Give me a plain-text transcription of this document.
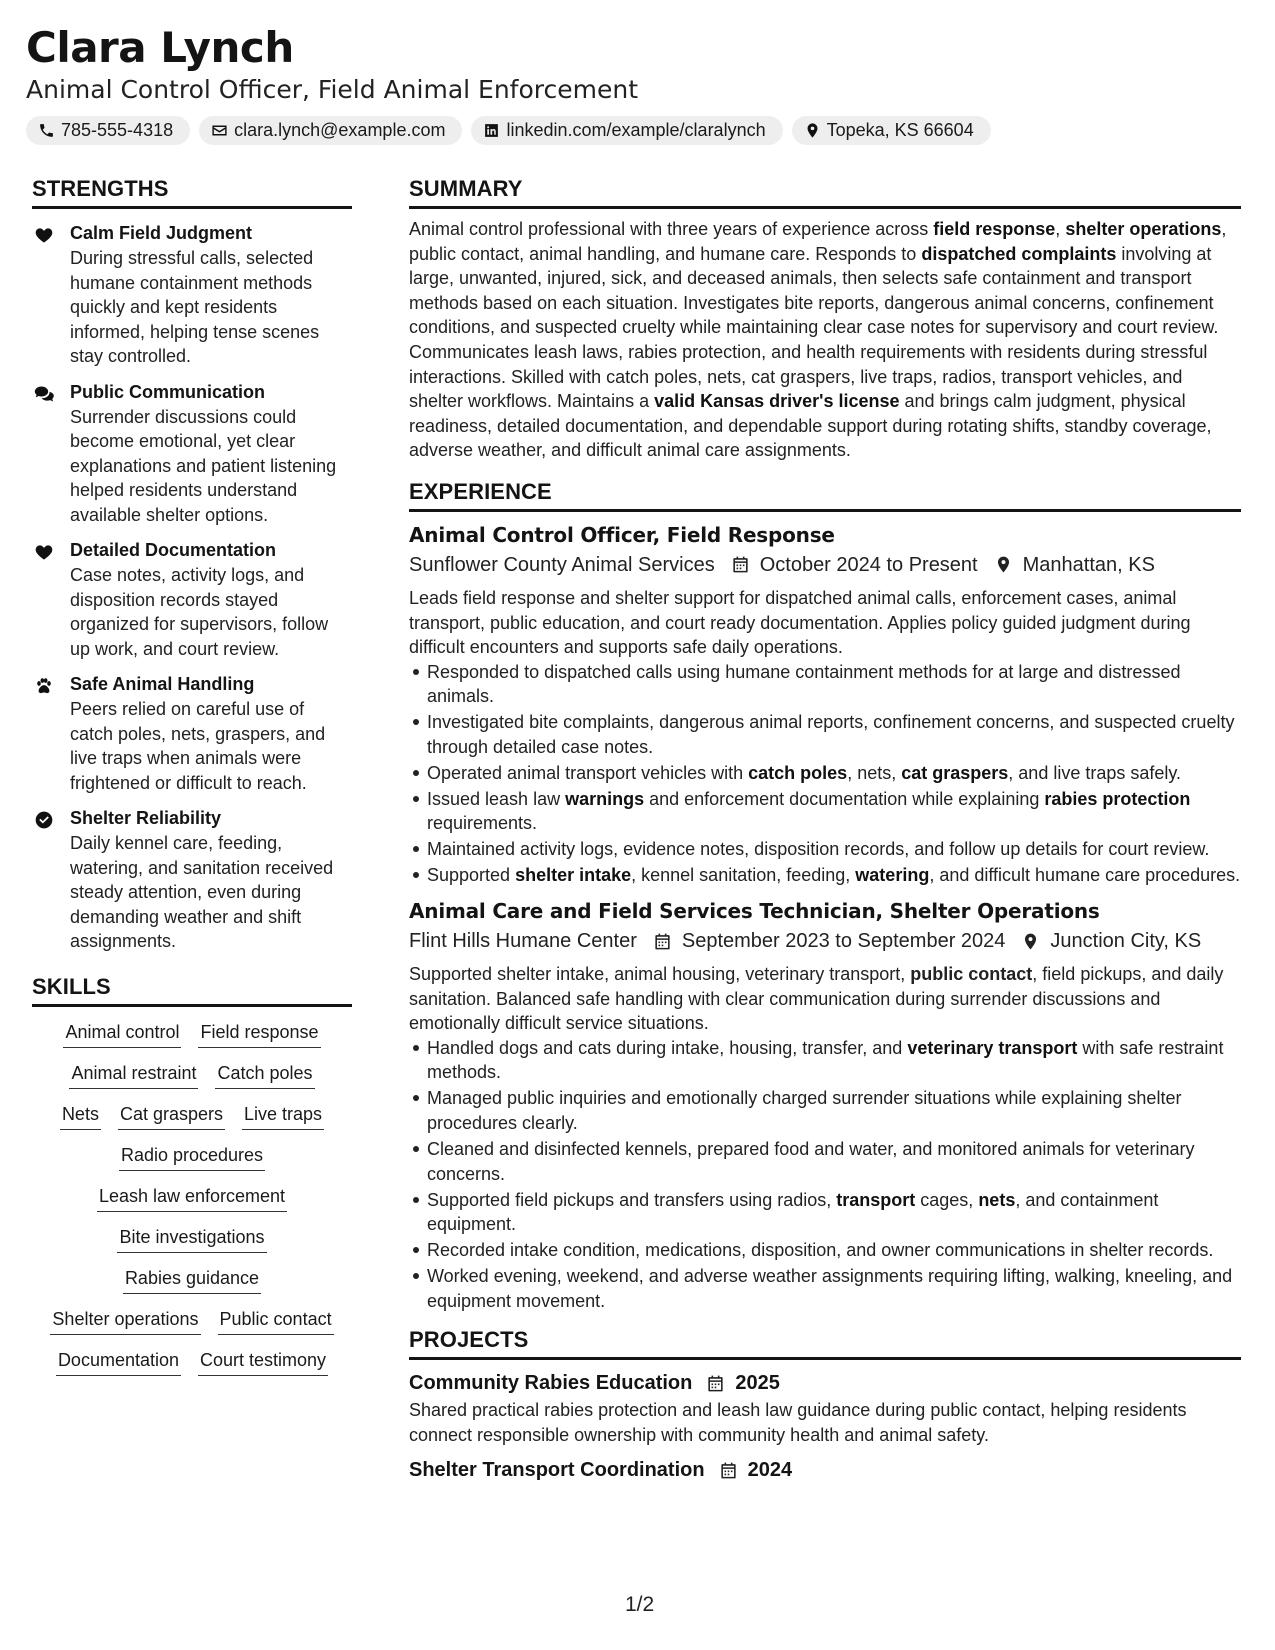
Clara Lynch
Animal Control Officer, Field Animal Enforcement
785-555-4318	clara.lynch@example.com	linkedin.com/example/claralynch	Topeka, KS 66604
STRENGTHS
Calm Field Judgment
During stressful calls, selected humane containment methods quickly and kept residents informed, helping tense scenes stay controlled.
Public Communication
Surrender discussions could become emotional, yet clear explanations and patient listening helped residents understand available shelter options.
Detailed Documentation
Case notes, activity logs, and disposition records stayed organized for supervisors, follow up work, and court review.
Safe Animal Handling
Peers relied on careful use of catch poles, nets, graspers, and live traps when animals were frightened or difficult to reach.
Shelter Reliability
Daily kennel care, feeding, watering, and sanitation received steady attention, even during demanding weather and shift assignments.
SKILLS
Animal control Field response
Animal restraint Catch poles
Nets Cat graspers Live traps
Radio procedures
Leash law enforcement
Bite investigations
Rabies guidance
Shelter operations Public contact
Documentation Court testimony
SUMMARY
Animal control professional with three years of experience across field response, shelter operations, public contact, animal handling, and humane care. Responds to dispatched complaints involving at large, unwanted, injured, sick, and deceased animals, then selects safe containment and transport methods based on each situation. Investigates bite reports, dangerous animal concerns, confinement conditions, and suspected cruelty while maintaining clear case notes for supervisory and court review. Communicates leash laws, rabies protection, and health requirements with residents during stressful interactions. Skilled with catch poles, nets, cat graspers, live traps, radios, transport vehicles, and shelter workflows. Maintains a valid Kansas driver's license and brings calm judgment, physical readiness, detailed documentation, and dependable support during rotating shifts, standby coverage, adverse weather, and difficult animal care assignments.
EXPERIENCE
Animal Control Officer, Field Response
Sunflower County Animal Services October 2024 to Present Manhattan, KS
Leads field response and shelter support for dispatched animal calls, enforcement cases, animal transport, public education, and court ready documentation. Applies policy guided judgment during difficult encounters and supports safe daily operations.
Responded to dispatched calls using humane containment methods for at large and distressed animals.
Investigated bite complaints, dangerous animal reports, confinement concerns, and suspected cruelty through detailed case notes.
Operated animal transport vehicles with catch poles, nets, cat graspers, and live traps safely.
Issued leash law warnings and enforcement documentation while explaining rabies protection requirements.
Maintained activity logs, evidence notes, disposition records, and follow up details for court review.
Supported shelter intake, kennel sanitation, feeding, watering, and difficult humane care procedures.
Animal Care and Field Services Technician, Shelter Operations
Flint Hills Humane Center September 2023 to September 2024 Junction City, KS
Supported shelter intake, animal housing, veterinary transport, public contact, field pickups, and daily sanitation. Balanced safe handling with clear communication during surrender discussions and emotionally difficult service situations.
Handled dogs and cats during intake, housing, transfer, and veterinary transport with safe restraint methods.
Managed public inquiries and emotionally charged surrender situations while explaining shelter procedures clearly.
Cleaned and disinfected kennels, prepared food and water, and monitored animals for veterinary concerns.
Supported field pickups and transfers using radios, transport cages, nets, and containment equipment.
Recorded intake condition, medications, disposition, and owner communications in shelter records.
Worked evening, weekend, and adverse weather assignments requiring lifting, walking, kneeling, and equipment movement.
PROJECTS
Community Rabies Education 2025
Shared practical rabies protection and leash law guidance during public contact, helping residents connect responsible ownership with community health and animal safety.
Shelter Transport Coordination 2024
1/2
